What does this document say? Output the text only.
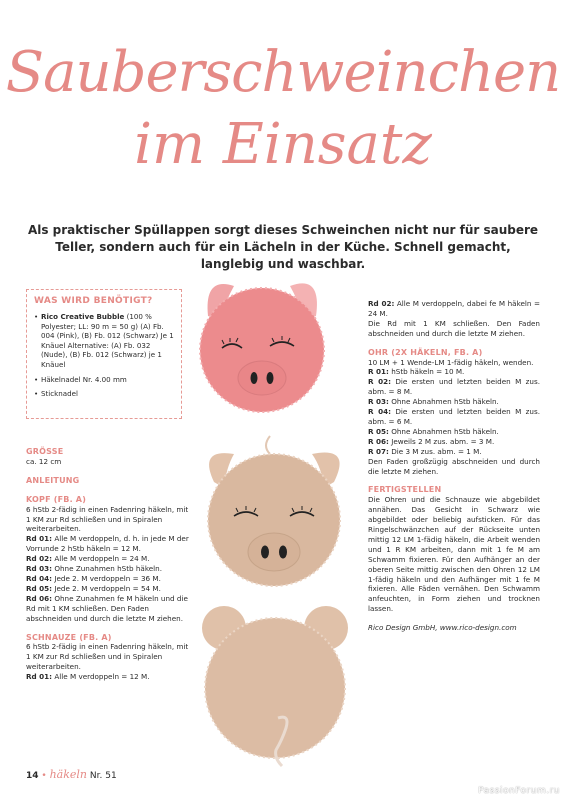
Sauberschweinchen
im Einsatz
Als praktischer Spüllappen sorgt dieses Schweinchen nicht nur für saubere Teller, sondern auch für ein Lächeln in der Küche. Schnell gemacht, langlebig und waschbar.
WAS WIRD BENÖTIGT?
• Rico Creative Bubble (100 % Polyester; LL: 90 m = 50 g) (A) Fb. 004 (Pink), (B) Fb. 012 (Schwarz) Je 1 Knäuel Alternative: (A) Fb. 032 (Nude), (B) Fb. 012 (Schwarz) je 1 Knäuel
• Häkelnadel Nr. 4.00 mm
• Sticknadel
GRÖSSE

ca. 12 cm

ANLEITUNG
KOPF (FB. A)

6 hStb 2-fädig in einen Fadenring häkeln, mit 1 KM zur Rd schließen und in Spiralen weiterarbeiten.

Rd 01: Alle M verdoppeln, d. h. in jede M der Vorrunde 2 hStb häkeln = 12 M.

Rd 02: Alle M verdoppeln = 24 M.

Rd 03: Ohne Zunahmen hStb häkeln.

Rd 04: Jede 2. M verdoppeln = 36 M.

Rd 05: Jede 2. M verdoppeln = 54 M.

Rd 06: Ohne Zunahmen fe M häkeln und die Rd mit 1 KM schließen. Den Faden abschneiden und durch die letzte M ziehen.

SCHNAUZE (FB. A)

6 hStb 2-fädig in einen Fadenring häkeln, mit 1 KM zur Rd schließen und in Spiralen weiterarbeiten.

Rd 01: Alle M verdoppeln = 12 M.

Rd 02: Alle M verdoppeln, dabei fe M häkeln = 24 M.

Die Rd mit 1 KM schließen. Den Faden abschneiden und durch die letzte M ziehen.

OHR (2X HÄKELN, FB. A)

10 LM + 1 Wende-LM 1-fädig häkeln, wenden.

R 01: hStb häkeln = 10 M.

R 02: Die ersten und letzten beiden M zus. abm. = 8 M.

R 03: Ohne Abnahmen hStb häkeln.

R 04: Die ersten und letzten beiden M zus. abm. = 6 M.

R 05: Ohne Abnahmen hStb häkeln.

R 06: Jeweils 2 M zus. abm. = 3 M.

R 07: Die 3 M zus. abm. = 1 M.

Den Faden großzügig abschneiden und durch die letzte M ziehen.

FERTIGSTELLEN

Die Ohren und die Schnauze wie abgebildet annähen. Das Gesicht in Schwarz wie abgebildet oder beliebig aufsticken. Für das Ringelschwänzchen auf der Rückseite unten mittig 12 LM 1-fädig häkeln, die Arbeit wenden und 1 R KM arbeiten, dann mit 1 fe M am Schwamm fixieren. Für den Aufhänger an der oberen Seite mittig zwischen den Ohren 12 LM 1-fädig häkeln und den Aufhänger mit 1 fe M fixieren. Alle Fäden vernähen. Den Schwamm anfeuchten, in Form ziehen und trocknen lassen.

Rico Design GmbH, www.rico-design.com

14 • häkeln Nr. 51
PassionForum.ru
